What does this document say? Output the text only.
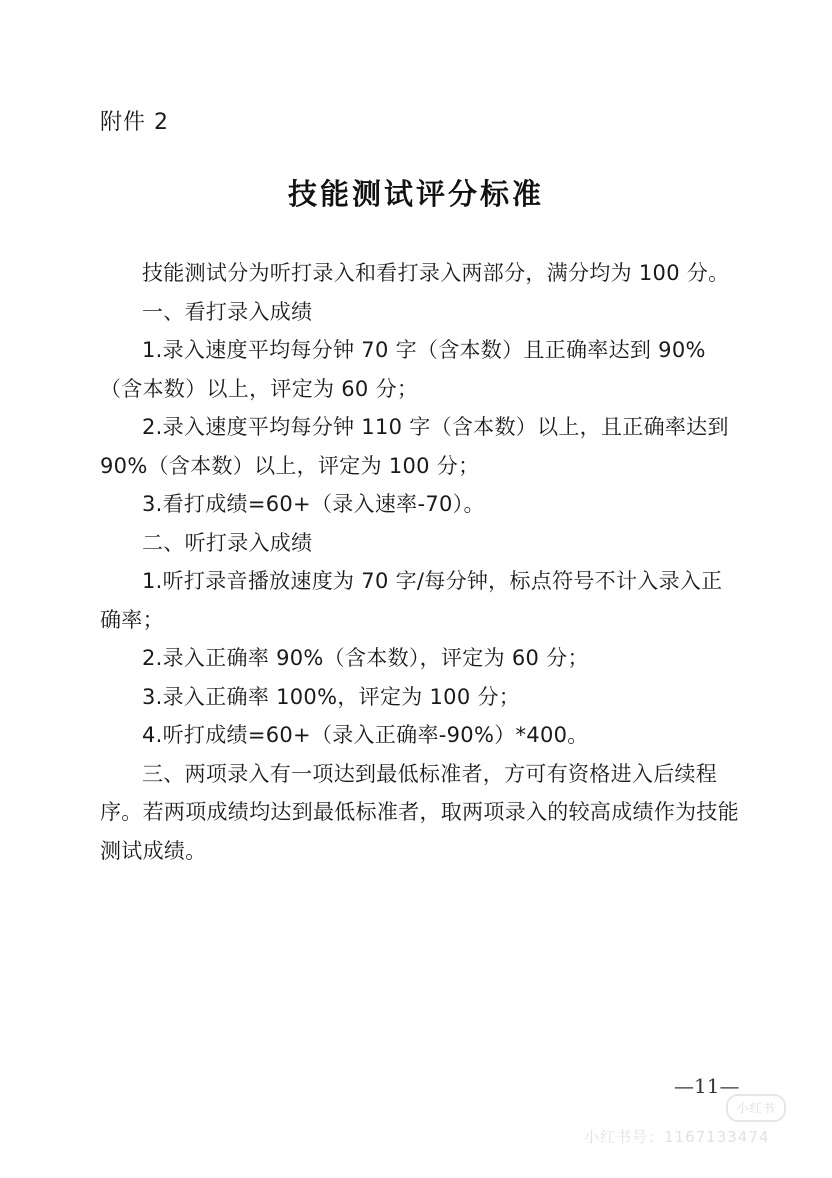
附件 2
技能测试评分标准

技能测试分为听打录入和看打录入两部分，满分均为 100 分。

一、看打录入成绩

1.录入速度平均每分钟 70 字（含本数）且正确率达到 90%（含本数）以上，评定为 60 分；

2.录入速度平均每分钟 110 字（含本数）以上，且正确率达到 90%（含本数）以上，评定为 100 分；

3.看打成绩=60+（录入速率-70）。

二、听打录入成绩

1.听打录音播放速度为 70 字/每分钟，标点符号不计入录入正确率；

2.录入正确率 90%（含本数），评定为 60 分；

3.录入正确率 100%，评定为 100 分；

4.听打成绩=60+（录入正确率-90%）*400。

三、两项录入有一项达到最低标准者，方可有资格进入后续程序。若两项成绩均达到最低标准者，取两项录入的较高成绩作为技能测试成绩。

—11—
小红书
小红书号：1167133474
